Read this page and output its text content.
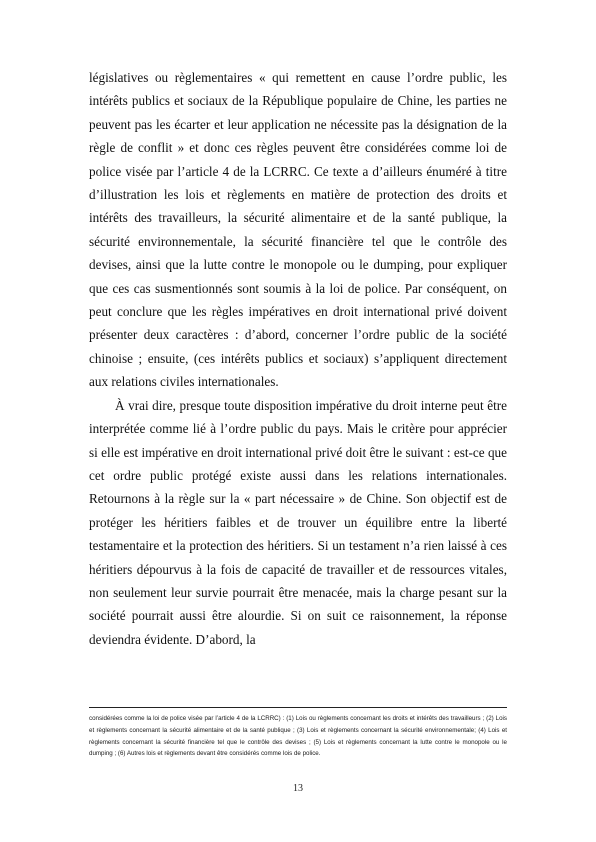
législatives ou règlementaires « qui remettent en cause l’ordre public, les intérêts publics et sociaux de la République populaire de Chine, les parties ne peuvent pas les écarter et leur application ne nécessite pas la désignation de la règle de conflit » et donc ces règles peuvent être considérées comme loi de police visée par l’article 4 de la LCRRC. Ce texte a d’ailleurs énuméré à titre d’illustration les lois et règlements en matière de protection des droits et intérêts des travailleurs, la sécurité alimentaire et de la santé publique, la sécurité environnementale, la sécurité financière tel que le contrôle des devises, ainsi que la lutte contre le monopole ou le dumping, pour expliquer que ces cas susmentionnés sont soumis à la loi de police. Par conséquent, on peut conclure que les règles impératives en droit international privé doivent présenter deux caractères : d’abord, concerner l’ordre public de la société chinoise ; ensuite, (ces intérêts publics et sociaux) s’appliquent directement aux relations civiles internationales.

À vrai dire, presque toute disposition impérative du droit interne peut être interprétée comme lié à l’ordre public du pays. Mais le critère pour apprécier si elle est impérative en droit international privé doit être le suivant : est-ce que cet ordre public protégé existe aussi dans les relations internationales. Retournons à la règle sur la « part nécessaire » de Chine. Son objectif est de protéger les héritiers faibles et de trouver un équilibre entre la liberté testamentaire et la protection des héritiers. Si un testament n’a rien laissé à ces héritiers dépourvus à la fois de capacité de travailler et de ressources vitales, non seulement leur survie pourrait être menacée, mais la charge pesant sur la société pourrait aussi être alourdie. Si on suit ce raisonnement, la réponse deviendra évidente. D’abord, la

considérées comme la loi de police visée par l’article 4 de la LCRRC) : (1) Lois ou règlements concernant les droits et intérêts des travailleurs ; (2) Lois et règlements concernant la sécurité alimentaire et de la santé publique ; (3) Lois et règlements concernant la sécurité environnementale; (4) Lois et règlements concernant la sécurité financière tel que le contrôle des devises ; (5) Lois et règlements concernant la lutte contre le monopole ou le dumping ; (6) Autres lois et règlements devant être considérés comme lois de police.
13
